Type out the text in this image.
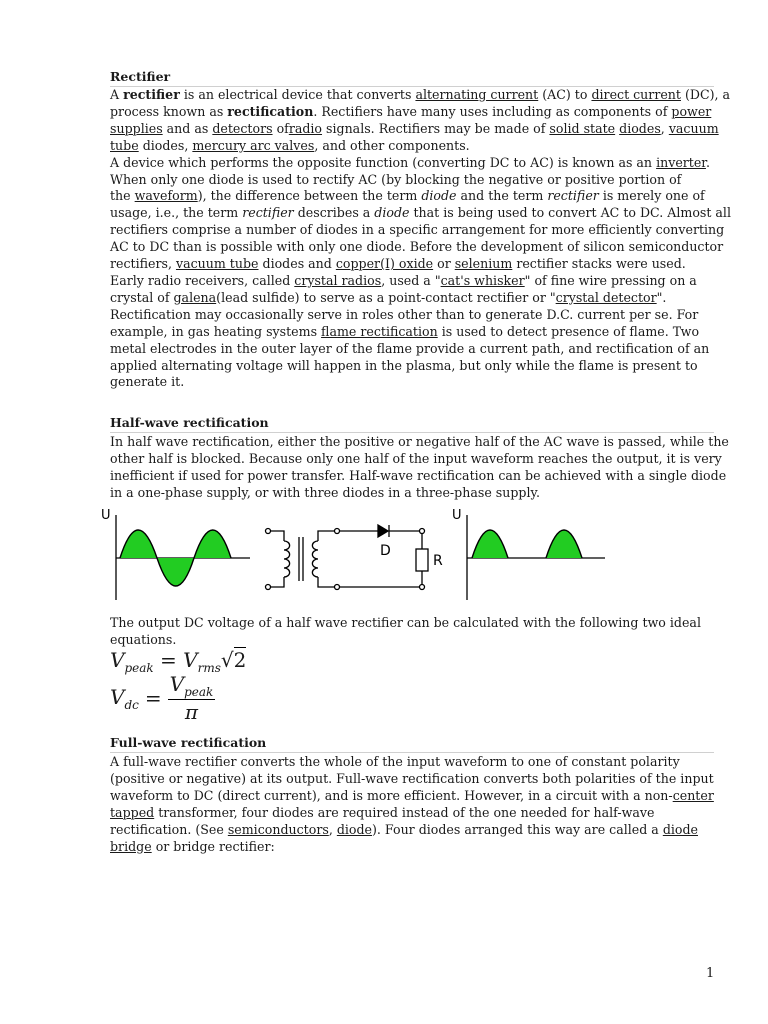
Rectifier
A rectifier is an electrical device that converts alternating current (AC) to direct current (DC), a
process known as rectification. Rectifiers have many uses including as components of power
supplies and as detectors ofradio signals. Rectifiers may be made of solid state diodes, vacuum
tube diodes, mercury arc valves, and other components.
A device which performs the opposite function (converting DC to AC) is known as an inverter.
When only one diode is used to rectify AC (by blocking the negative or positive portion of
the waveform), the difference between the term diode and the term rectifier is merely one of
usage, i.e., the term rectifier describes a diode that is being used to convert AC to DC. Almost all
rectifiers comprise a number of diodes in a specific arrangement for more efficiently converting
AC to DC than is possible with only one diode. Before the development of silicon semiconductor
rectifiers, vacuum tube diodes and copper(I) oxide or selenium rectifier stacks were used.
Early radio receivers, called crystal radios, used a "cat's whisker" of fine wire pressing on a
crystal of galena(lead sulfide) to serve as a point-contact rectifier or "crystal detector".
Rectification may occasionally serve in roles other than to generate D.C. current per se. For
example, in gas heating systems flame rectification is used to detect presence of flame. Two
metal electrodes in the outer layer of the flame provide a current path, and rectification of an
applied alternating voltage will happen in the plasma, but only while the flame is present to
generate it.
Half-wave rectification
In half wave rectification, either the positive or negative half of the AC wave is passed, while the
other half is blocked. Because only one half of the input waveform reaches the output, it is very
inefficient if used for power transfer. Half-wave rectification can be achieved with a single diode
in a one-phase supply, or with three diodes in a three-phase supply.
U
D
R
U
The output DC voltage of a half wave rectifier can be calculated with the following two ideal
equations.
$V_{peak} = V_{rms}√2$
$V_{dc}$ =
$V_{peak}$
π
Full-wave rectification
A full-wave rectifier converts the whole of the input waveform to one of constant polarity
(positive or negative) at its output. Full-wave rectification converts both polarities of the input
waveform to DC (direct current), and is more efficient. However, in a circuit with a non-center
tapped transformer, four diodes are required instead of the one needed for half-wave
rectification. (See semiconductors, diode). Four diodes arranged this way are called a diode
bridge or bridge rectifier:
1
